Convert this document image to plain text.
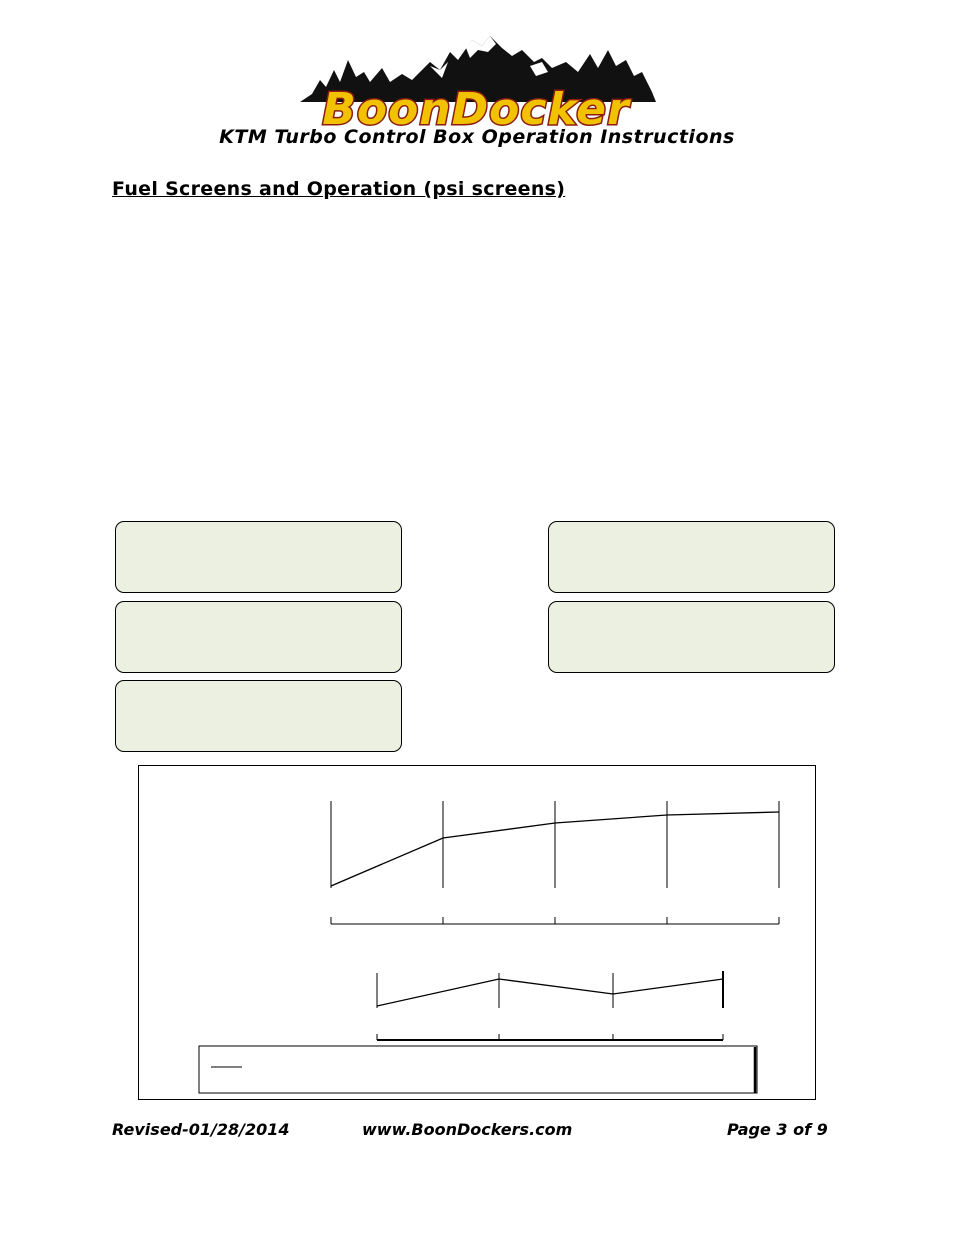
BoonDocker
KTM Turbo Control Box Operation Instructions
Fuel Screens and Operation (psi screens)

Revised-01/28/2014	www.BoonDockers.com	Page 3 of 9
